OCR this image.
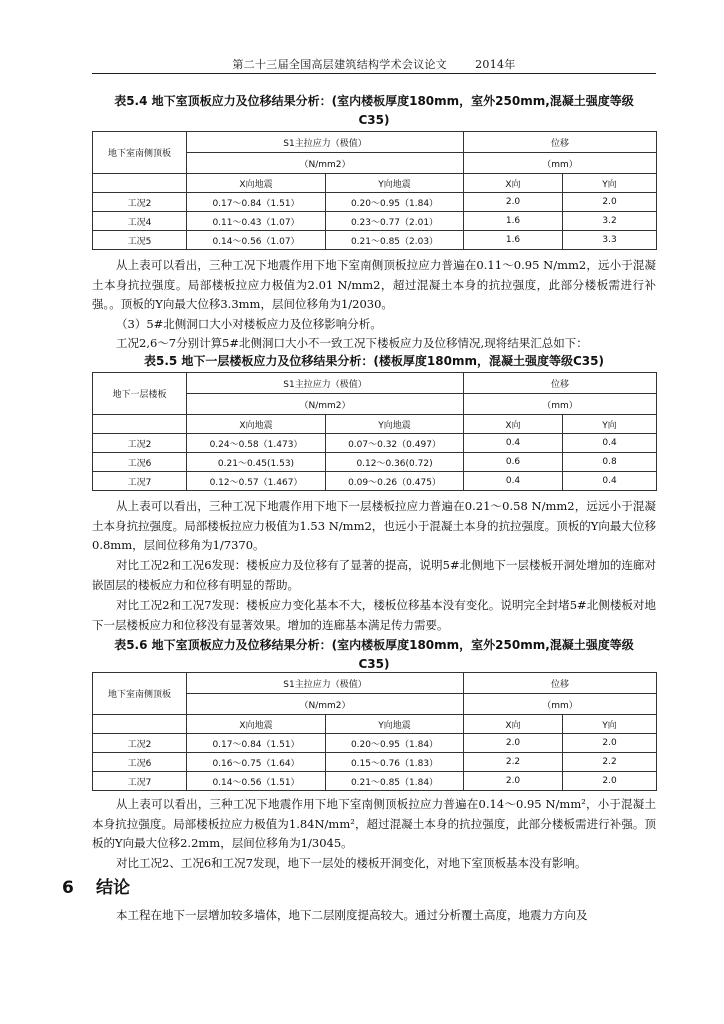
第二十三届全国高层建筑结构学术会议论文	2014年
表5.4 地下室顶板应力及位移结果分析：(室内楼板厚度180mm，室外250mm,混凝土强度等级
C35)
地下室南侧顶板	S1主拉应力（极值）		位移	
	（N/mm2）		（mm）	
	X向地震	Y向地震	X向	Y向
工况2	0.17～0.84（1.51）	0.20～0.95（1.84）	2.0	2.0
工况4	0.11～0.43（1.07）	0.23～0.77（2.01）	1.6	3.2
工况5	0.14～0.56（1.07）	0.21～0.85（2.03）	1.6	3.3

从上表可以看出，三种工况下地震作用下地下室南侧顶板拉应力普遍在0.11～0.95 N/mm2，远小于混凝土本身抗拉强度。局部楼板拉应力极值为2.01 N/mm2，超过混凝土本身的抗拉强度，此部分楼板需进行补强。。顶板的Y向最大位移3.3mm，层间位移角为1/2030。

（3）5#北侧洞口大小对楼板应力及位移影响分析。

工况2,6～7分别计算5#北侧洞口大小不一致工况下楼板应力及位移情况,现将结果汇总如下：

表5.5 地下一层楼板应力及位移结果分析：(楼板厚度180mm，混凝土强度等级C35)
地下一层楼板	S1主拉应力（极值）		位移	
	（N/mm2）		（mm）	
	X向地震	Y向地震	X向	Y向
工况2	0.24～0.58（1.473）	0.07～0.32（0.497）	0.4	0.4
工况6	0.21～0.45(1.53)	0.12～0.36(0.72)	0.6	0.8
工况7	0.12～0.57（1.467）	0.09～0.26（0.475）	0.4	0.4

从上表可以看出，三种工况下地震作用下地下一层楼板拉应力普遍在0.21～0.58 N/mm2，远远小于混凝土本身抗拉强度。局部楼板拉应力极值为1.53 N/mm2，也远小于混凝土本身的抗拉强度。顶板的Y向最大位移0.8mm，层间位移角为1/7370。

对比工况2和工况6发现：楼板应力及位移有了显著的提高，说明5#北侧地下一层楼板开洞处增加的连廊对嵌固层的楼板应力和位移有明显的帮助。

对比工况2和工况7发现：楼板应力变化基本不大，楼板位移基本没有变化。说明完全封堵5#北侧楼板对地下一层楼板应力和位移没有显著效果。增加的连廊基本满足传力需要。

表5.6 地下室顶板应力及位移结果分析：(室内楼板厚度180mm，室外250mm,混凝土强度等级
C35)
地下室南侧顶板	S1主拉应力（极值）		位移	
	（N/mm2）		（mm）	
	X向地震	Y向地震	X向	Y向
工况2	0.17～0.84（1.51）	0.20～0.95（1.84）	2.0	2.0
工况6	0.16～0.75（1.64）	0.15～0.76（1.83）	2.2	2.2
工况7	0.14～0.56（1.51）	0.21～0.85（1.84）	2.0	2.0

从上表可以看出，三种工况下地震作用下地下室南侧顶板拉应力普遍在0.14～0.95 N/mm²，小于混凝土本身抗拉强度。局部楼板拉应力极值为1.84N/mm²，超过混凝土本身的抗拉强度，此部分楼板需进行补强。顶板的Y向最大位移2.2mm，层间位移角为1/3045。

对比工况2、工况6和工况7发现，地下一层处的楼板开洞变化，对地下室顶板基本没有影响。

6 结论

本工程在地下一层增加较多墙体，地下二层刚度提高较大。通过分析覆土高度，地震力方向及
